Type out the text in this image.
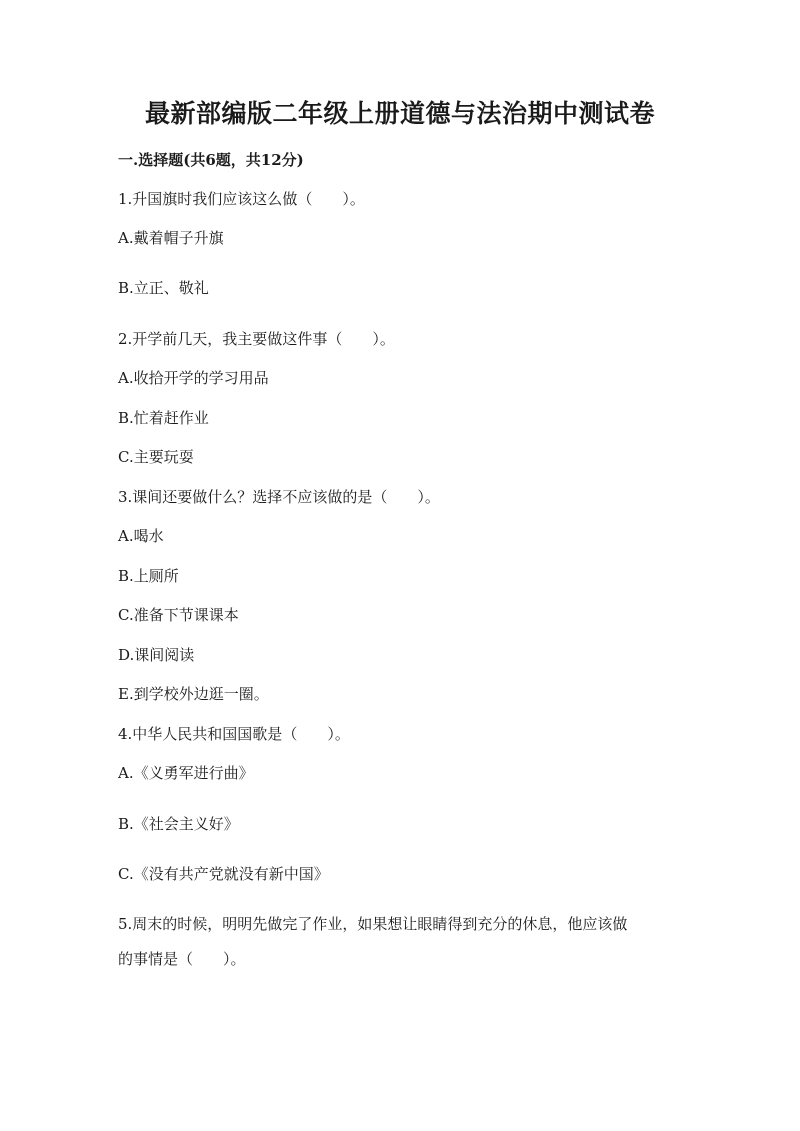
最新部编版二年级上册道德与法治期中测试卷
一.选择题(共6题，共12分)
1.升国旗时我们应该这么做（　　）。
A.戴着帽子升旗
B.立正、敬礼
2.开学前几天，我主要做这件事（　　）。
A.收拾开学的学习用品
B.忙着赶作业
C.主要玩耍
3.课间还要做什么？选择不应该做的是（　　）。
A.喝水
B.上厕所
C.准备下节课课本
D.课间阅读
E.到学校外边逛一圈。
4.中华人民共和国国歌是（　　）。
A.《义勇军进行曲》
B.《社会主义好》
C.《没有共产党就没有新中国》
5.周末的时候，明明先做完了作业，如果想让眼睛得到充分的休息，他应该做
的事情是（　　）。
